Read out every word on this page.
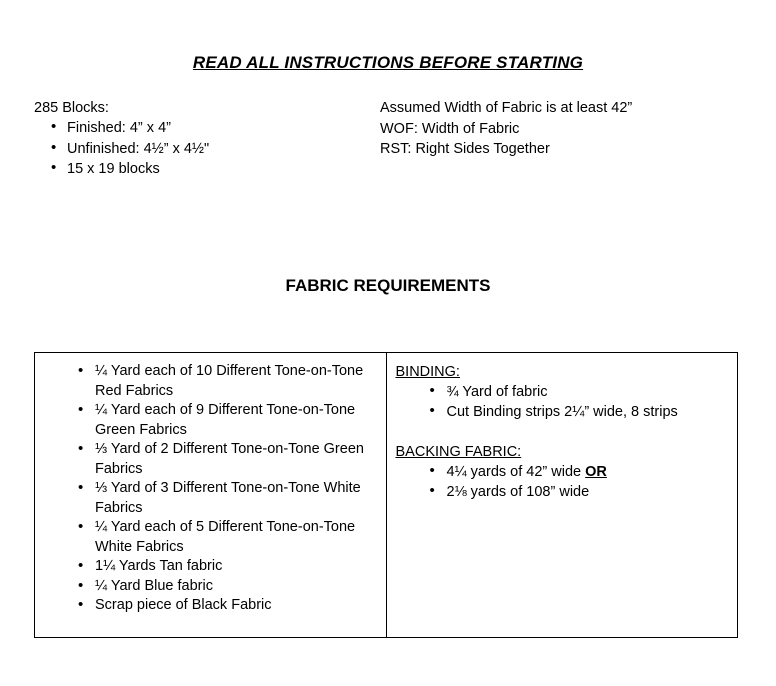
READ ALL INSTRUCTIONS BEFORE STARTING
285 Blocks:
• Finished: 4” x 4”
• Unfinished: 4½” x 4½"
• 15 x 19 blocks
Assumed Width of Fabric is at least 42”
WOF: Width of Fabric
RST: Right Sides Together
FABRIC REQUIREMENTS
• ¼ Yard each of 10 Different Tone-on-Tone Red Fabrics
• ¼ Yard each of 9 Different Tone-on-Tone Green Fabrics
• ⅓ Yard of 2 Different Tone-on-Tone Green Fabrics
• ⅓ Yard of 3 Different Tone-on-Tone White Fabrics
• ¼ Yard each of 5 Different Tone-on-Tone White Fabrics
• 1¼ Yards Tan fabric
• ¼ Yard Blue fabric
• Scrap piece of Black Fabric
BINDING:
• ¾ Yard of fabric
• Cut Binding strips 2¼” wide, 8 strips
BACKING FABRIC:
• 4¼ yards of 42” wide OR
• 2⅛ yards of 108” wide
